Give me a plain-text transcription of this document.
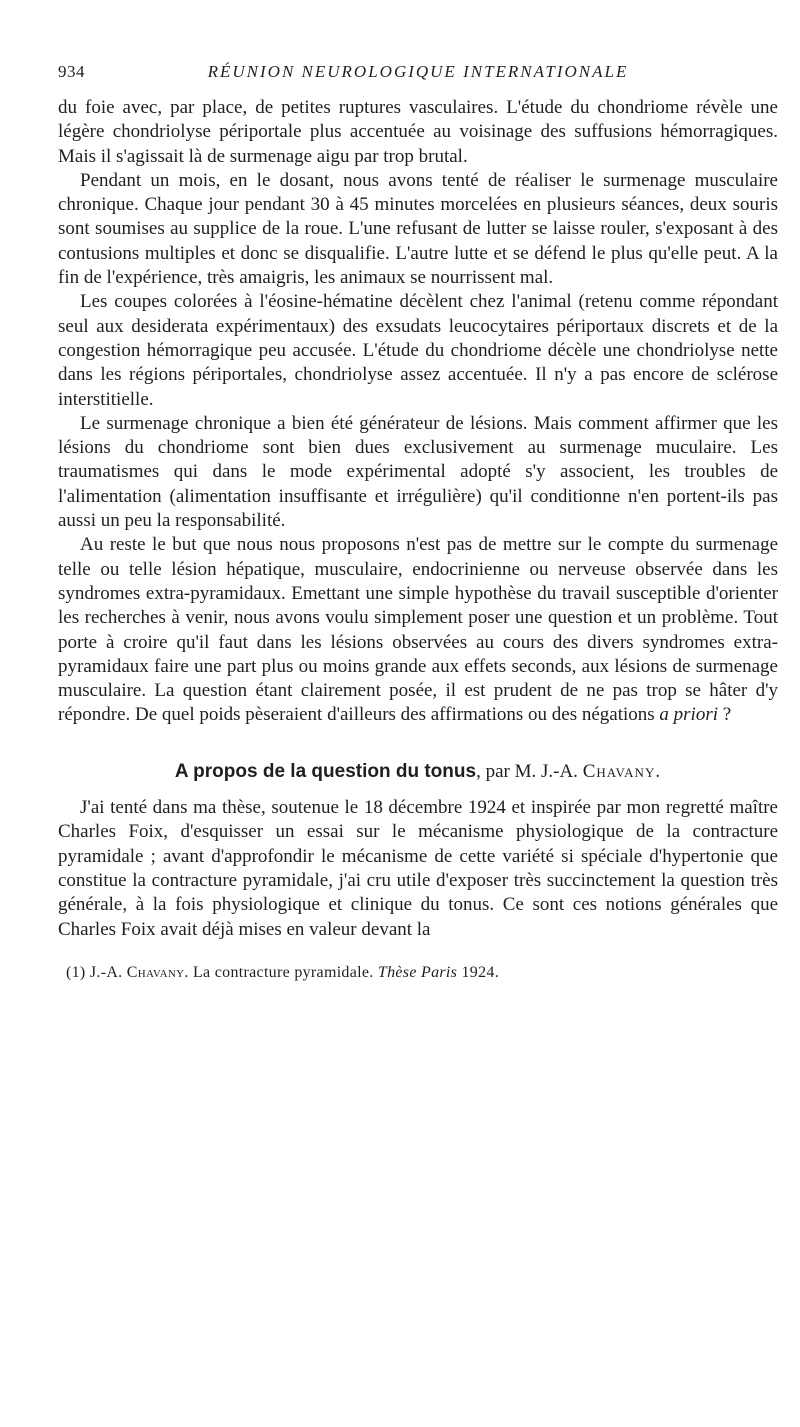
934	RÉUNION NEUROLOGIQUE INTERNATIONALE

du foie avec, par place, de petites ruptures vasculaires. L'étude du chondriome révèle une légère chondriolyse périportale plus accentuée au voisinage des suffusions hémorragiques. Mais il s'agissait là de surmenage aigu par trop brutal.

Pendant un mois, en le dosant, nous avons tenté de réaliser le surmenage musculaire chronique. Chaque jour pendant 30 à 45 minutes morcelées en plusieurs séances, deux souris sont soumises au supplice de la roue. L'une refusant de lutter se laisse rouler, s'exposant à des contusions multiples et donc se disqualifie. L'autre lutte et se défend le plus qu'elle peut. A la fin de l'expérience, très amaigris, les animaux se nourrissent mal.

Les coupes colorées à l'éosine-hématine décèlent chez l'animal (retenu comme répondant seul aux desiderata expérimentaux) des exsudats leucocytaires périportaux discrets et de la congestion hémorragique peu accusée. L'étude du chondriome décèle une chondriolyse nette dans les régions périportales, chondriolyse assez accentuée. Il n'y a pas encore de sclérose interstitielle.

Le surmenage chronique a bien été générateur de lésions. Mais comment affirmer que les lésions du chondriome sont bien dues exclusivement au surmenage muculaire. Les traumatismes qui dans le mode expérimental adopté s'y associent, les troubles de l'alimentation (alimentation insuffisante et irrégulière) qu'il conditionne n'en portent-ils pas aussi un peu la responsabilité.

Au reste le but que nous nous proposons n'est pas de mettre sur le compte du surmenage telle ou telle lésion hépatique, musculaire, endocrinienne ou nerveuse observée dans les syndromes extra-pyramidaux. Emettant une simple hypothèse du travail susceptible d'orienter les recherches à venir, nous avons voulu simplement poser une question et un problème. Tout porte à croire qu'il faut dans les lésions observées au cours des divers syndromes extra-pyramidaux faire une part plus ou moins grande aux effets seconds, aux lésions de surmenage musculaire. La question étant clairement posée, il est prudent de ne pas trop se hâter d'y répondre. De quel poids pèseraient d'ailleurs des affirmations ou des négations a priori ?

A propos de la question du tonus, par M. J.-A. Chavany.

J'ai tenté dans ma thèse, soutenue le 18 décembre 1924 et inspirée par mon regretté maître Charles Foix, d'esquisser un essai sur le mécanisme physiologique de la contracture pyramidale ; avant d'approfondir le mécanisme de cette variété si spéciale d'hypertonie que constitue la contracture pyramidale, j'ai cru utile d'exposer très succinctement la question très générale, à la fois physiologique et clinique du tonus. Ce sont ces notions générales que Charles Foix avait déjà mises en valeur devant la

(1) J.-A. Chavany. La contracture pyramidale. Thèse Paris 1924.
